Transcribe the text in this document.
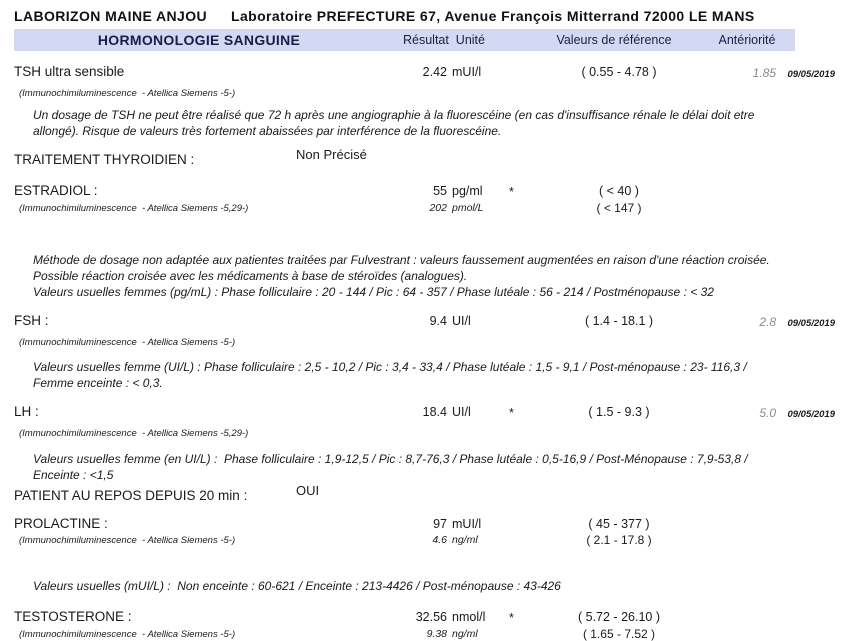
LABORIZON MAINE ANJOU Laboratoire PREFECTURE 67, Avenue François Mitterrand 72000 LE MANS
HORMONOLOGIE SANGUINE	Résultat  Unité	Valeurs de référence	Antériorité
TSH ultra sensible	2.42 mUI/l	( 0.55 - 4.78 )	1.85	09/05/2019
(Immunochimiluminescence  - Atellica Siemens -5-)
Un dosage de TSH ne peut être réalisé que 72 h après une angiographie à la fluorescéine (en cas d'insuffisance rénale le délai doit etre
allongé). Risque de valeurs très fortement abaissées par interférence de la fluorescéine.
TRAITEMENT THYROIDIEN :	Non Précisé
ESTRADIOL :	55 pg/ml *	( < 40 )
(Immunochimiluminescence  - Atellica Siemens -5,29-)	202 pmol/L	( < 147 )
Méthode de dosage non adaptée aux patientes traitées par Fulvestrant : valeurs faussement augmentées en raison d'une réaction croisée.
Possible réaction croisée avec les médicaments à base de stéroïdes (analogues).
Valeurs usuelles femmes (pg/mL) : Phase folliculaire : 20 - 144 / Pic : 64 - 357 / Phase lutéale : 56 - 214 / Postménopause : < 32
FSH :	9.4 UI/l	( 1.4 - 18.1 )	2.8	09/05/2019
(Immunochimiluminescence  - Atellica Siemens -5-)
Valeurs usuelles femme (UI/L) : Phase folliculaire : 2,5 - 10,2 / Pic : 3,4 - 33,4 / Phase lutéale : 1,5 - 9,1 / Post-ménopause : 23- 116,3 /
Femme enceinte : < 0,3.
LH :	18.4 UI/l	*	( 1.5 - 9.3 )	5.0	09/05/2019
(Immunochimiluminescence  - Atellica Siemens -5,29-)
Valeurs usuelles femme (en UI/L) :  Phase folliculaire : 1,9-12,5 / Pic : 8,7-76,3 / Phase lutéale : 0,5-16,9 / Post-Ménopause : 7,9-53,8 /
Enceinte : <1,5
PATIENT AU REPOS DEPUIS 20 min :	OUI
PROLACTINE :	97 mUI/l	( 45 - 377 )
(Immunochimiluminescence  - Atellica Siemens -5-)	4.6 ng/ml	( 2.1 - 17.8 )
Valeurs usuelles (mUI/L) :  Non enceinte : 60-621 / Enceinte : 213-4426 / Post-ménopause : 43-426
TESTOSTERONE :	32.56 nmol/l *	( 5.72 - 26.10 )
(Immunochimiluminescence  - Atellica Siemens -5-)	9.38 ng/ml	( 1.65 - 7.52 )
